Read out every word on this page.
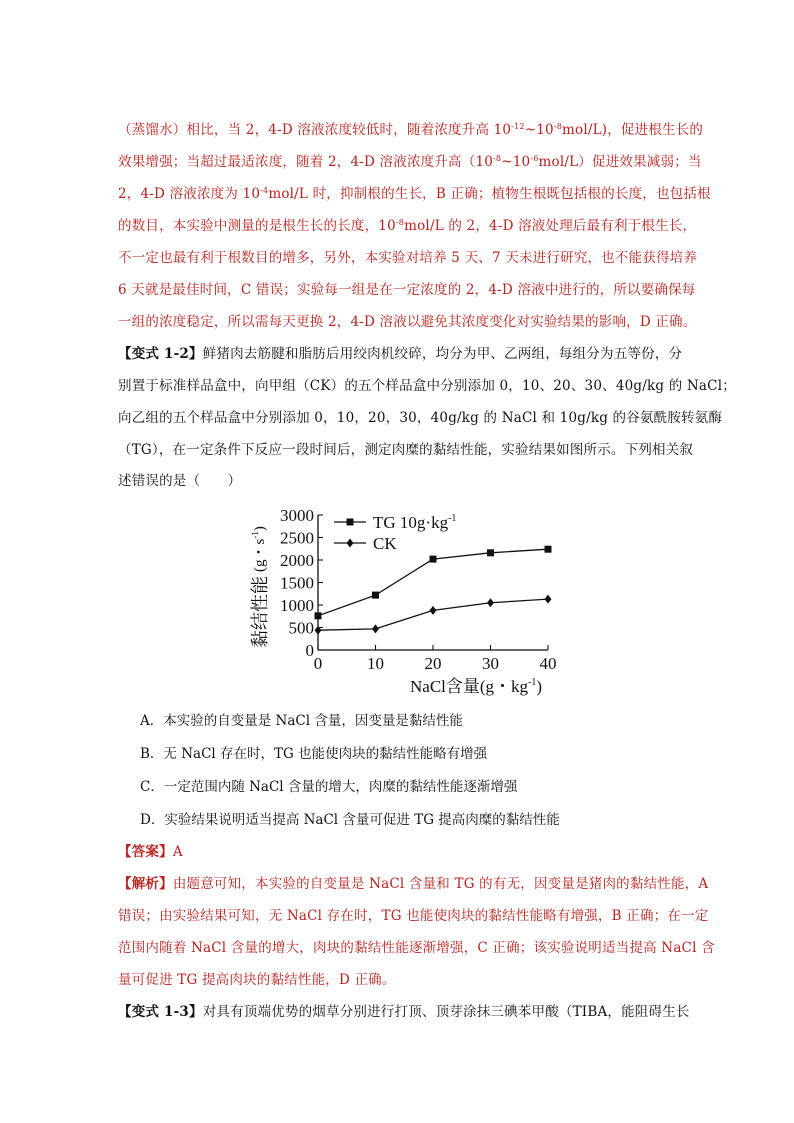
（蒸馏水）相比，当 2，4-D 溶液浓度较低时，随着浓度升高 $10^{-12}\sim 10^{-8}mol/L$)，促进根生长的
效果增强；当超过最适浓度，随着 2，4-D 溶液浓度升高$(10^{-8}\sim 10^{-6}mol/L)$促进效果减弱；当
2，4-D 溶液浓度为 $10^{-4}mol/L$ 时，抑制根的生长，B 正确；植物生根既包括根的长度，也包括根
的数目，本实验中测量的是根生长的长度，$10^{-8}mol/L$ 的 2，4-D 溶液处理后最有利于根生长，
不一定也最有利于根数目的增多，另外，本实验对培养 5 天、7 天未进行研究，也不能获得培养
6 天就是最佳时间，C 错误；实验每一组是在一定浓度的 2，4-D 溶液中进行的，所以要确保每
一组的浓度稳定，所以需每天更换 2，4-D 溶液以避免其浓度变化对实验结果的影响，D 正确。
【变式 1-2】鲜猪肉去筋腱和脂肪后用绞肉机绞碎，均分为甲、乙两组，每组分为五等份，分
别置于标准样品盒中，向甲组（CK）的五个样品盒中分别添加 0，10、20、30、40g/kg 的 NaCl；
向乙组的五个样品盒中分别添加 0，10，20，30，40g/kg 的 NaCl 和 10g/kg 的谷氨酰胺转氨酶
（TG），在一定条件下反应一段时间后，测定肉糜的黏结性能，实验结果如图所示。下列相关叙
述错误的是（　　）
黏结性能
(g・$s^{-1}$)
0
500
1000
1500
2000
2500
3000
0	10 20 30 40
TG $10g\cdot kg^{-1}$
CK
NaCl含量(g・$kg^{-1}$)
A．本实验的自变量是 NaCl 含量，因变量是黏结性能
B．无 NaCl 存在时，TG 也能使肉块的黏结性能略有增强
C．一定范围内随 NaCl 含量的增大，肉糜的黏结性能逐渐增强
D．实验结果说明适当提高 NaCl 含量可促进 TG 提高肉糜的黏结性能
【答案】A
【解析】由题意可知，本实验的自变量是 NaCl 含量和 TG 的有无，因变量是猪肉的黏结性能，A
错误；由实验结果可知，无 NaCl 存在时，TG 也能使肉块的黏结性能略有增强，B 正确；在一定
范围内随着 NaCl 含量的增大，肉块的黏结性能逐渐增强，C 正确；该实验说明适当提高 NaCl 含
量可促进 TG 提高肉块的黏结性能，D 正确。
【变式 1-3】对具有顶端优势的烟草分别进行打顶、顶芽涂抹三碘苯甲酸（TIBA，能阻碍生长
